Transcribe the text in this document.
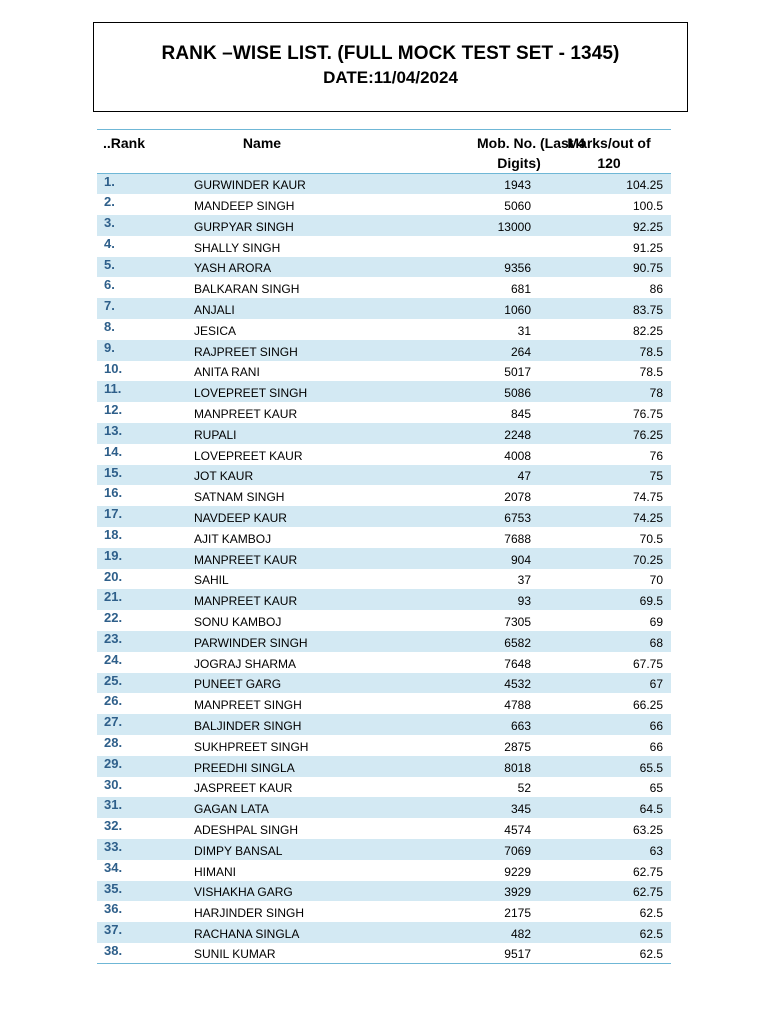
RANK –WISE LIST. (FULL MOCK TEST SET - 1345)
DATE:11/04/2024
..Rank	Name	Mob. No. (Last 4
Digits)	Marks/out of
120
1.	GURWINDER KAUR	1943	104.25
2.	MANDEEP SINGH	5060	100.5
3.	GURPYAR SINGH	13000	92.25
4.	SHALLY SINGH		91.25
5.	YASH ARORA	9356	90.75
6.	BALKARAN SINGH	681	86
7.	ANJALI	1060	83.75
8.	JESICA	31	82.25
9.	RAJPREET SINGH	264	78.5
10.	ANITA RANI	5017	78.5
11.	LOVEPREET SINGH	5086	78
12.	MANPREET KAUR	845	76.75
13.	RUPALI	2248	76.25
14.	LOVEPREET KAUR	4008	76
15.	JOT KAUR	47	75
16.	SATNAM SINGH	2078	74.75
17.	NAVDEEP KAUR	6753	74.25
18.	AJIT KAMBOJ	7688	70.5
19.	MANPREET KAUR	904	70.25
20.	SAHIL	37	70
21.	MANPREET KAUR	93	69.5
22.	SONU KAMBOJ	7305	69
23.	PARWINDER SINGH	6582	68
24.	JOGRAJ SHARMA	7648	67.75
25.	PUNEET GARG	4532	67
26.	MANPREET SINGH	4788	66.25
27.	BALJINDER SINGH	663	66
28.	SUKHPREET SINGH	2875	66
29.	PREEDHI SINGLA	8018	65.5
30.	JASPREET KAUR	52	65
31.	GAGAN LATA	345	64.5
32.	ADESHPAL SINGH	4574	63.25
33.	DIMPY BANSAL	7069	63
34.	HIMANI	9229	62.75
35.	VISHAKHA GARG	3929	62.75
36.	HARJINDER SINGH	2175	62.5
37.	RACHANA SINGLA	482	62.5
38.	SUNIL KUMAR	9517	62.5
